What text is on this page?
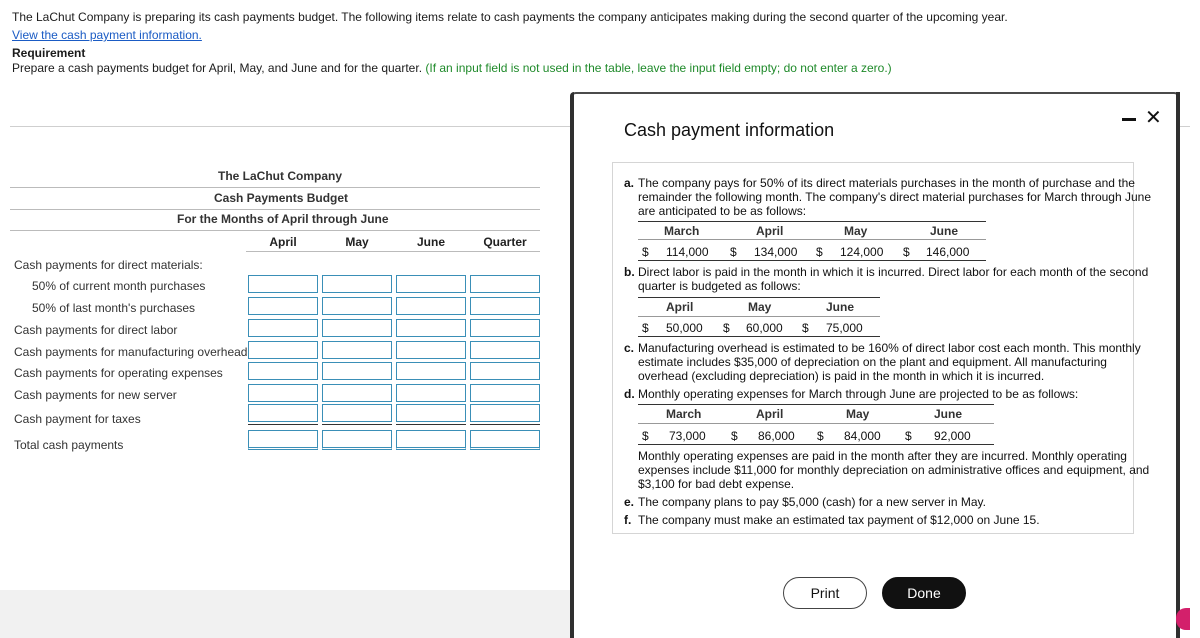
The LaChut Company is preparing its cash payments budget. The following items relate to cash payments the company anticipates making during the second quarter of the upcoming year.
View the cash payment information.
Requirement
Prepare a cash payments budget for April, May, and June and for the quarter. (If an input field is not used in the table, leave the input field empty; do not enter a zero.)
The LaChut Company
Cash Payments Budget
For the Months of April through June
April	May	June	Quarter
Cash payments for direct materials:
50% of current month purchases
50% of last month's purchases
Cash payments for direct labor
Cash payments for manufacturing overhead
Cash payments for operating expenses
Cash payments for new server
Cash payment for taxes
Total cash payments
Cash payment information
✕
a. The company pays for 50% of its direct materials purchases in the month of purchase and the
remainder the following month. The company's direct material purchases for March through June
are anticipated to be as follows:
March	April	May	June
$ 114,000 $ 134,000 $ 124,000 $ 146,000
b. Direct labor is paid in the month in which it is incurred. Direct labor for each month of the second
quarter is budgeted as follows:
April	May	June
$ 50,000 $ 60,000 $ 75,000
c. Manufacturing overhead is estimated to be 160% of direct labor cost each month. This monthly
estimate includes $35,000 of depreciation on the plant and equipment. All manufacturing
overhead (excluding depreciation) is paid in the month in which it is incurred.
d. Monthly operating expenses for March through June are projected to be as follows:
March	April	May	June
$ 73,000 $ 86,000 $ 84,000 $ 92,000
Monthly operating expenses are paid in the month after they are incurred. Monthly operating
expenses include $11,000 for monthly depreciation on administrative offices and equipment, and
$3,100 for bad debt expense.
e. The company plans to pay $5,000 (cash) for a new server in May.
f. The company must make an estimated tax payment of $12,000 on June 15.
Print	Done
